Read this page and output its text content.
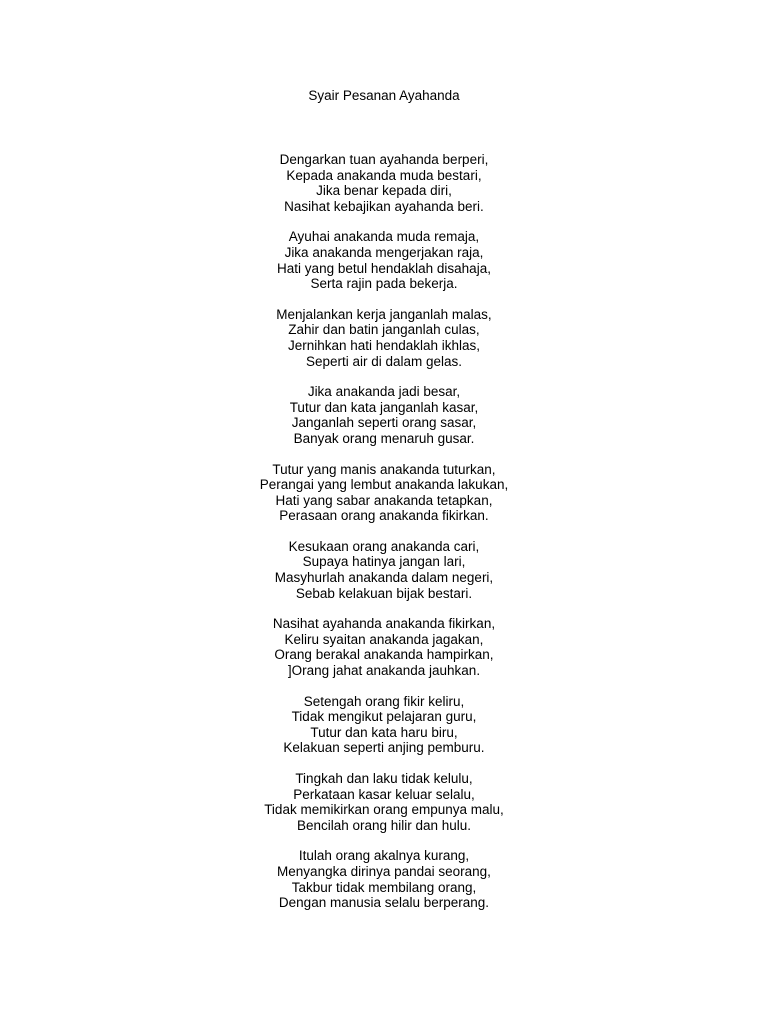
Syair Pesanan Ayahanda
Dengarkan tuan ayahanda berperi,
Kepada anakanda muda bestari,
Jika benar kepada diri,
Nasihat kebajikan ayahanda beri.
Ayuhai anakanda muda remaja,
Jika anakanda mengerjakan raja,
Hati yang betul hendaklah disahaja,
Serta rajin pada bekerja.
Menjalankan kerja janganlah malas,
Zahir dan batin janganlah culas,
Jernihkan hati hendaklah ikhlas,
Seperti air di dalam gelas.
Jika anakanda jadi besar,
Tutur dan kata janganlah kasar,
Janganlah seperti orang sasar,
Banyak orang menaruh gusar.
Tutur yang manis anakanda tuturkan,
Perangai yang lembut anakanda lakukan,
Hati yang sabar anakanda tetapkan,
Perasaan orang anakanda fikirkan.
Kesukaan orang anakanda cari,
Supaya hatinya jangan lari,
Masyhurlah anakanda dalam negeri,
Sebab kelakuan bijak bestari.
Nasihat ayahanda anakanda fikirkan,
Keliru syaitan anakanda jagakan,
Orang berakal anakanda hampirkan,
]Orang jahat anakanda jauhkan.
Setengah orang fikir keliru,
Tidak mengikut pelajaran guru,
Tutur dan kata haru biru,
Kelakuan seperti anjing pemburu.
Tingkah dan laku tidak kelulu,
Perkataan kasar keluar selalu,
Tidak memikirkan orang empunya malu,
Bencilah orang hilir dan hulu.
Itulah orang akalnya kurang,
Menyangka dirinya pandai seorang,
Takbur tidak membilang orang,
Dengan manusia selalu berperang.
